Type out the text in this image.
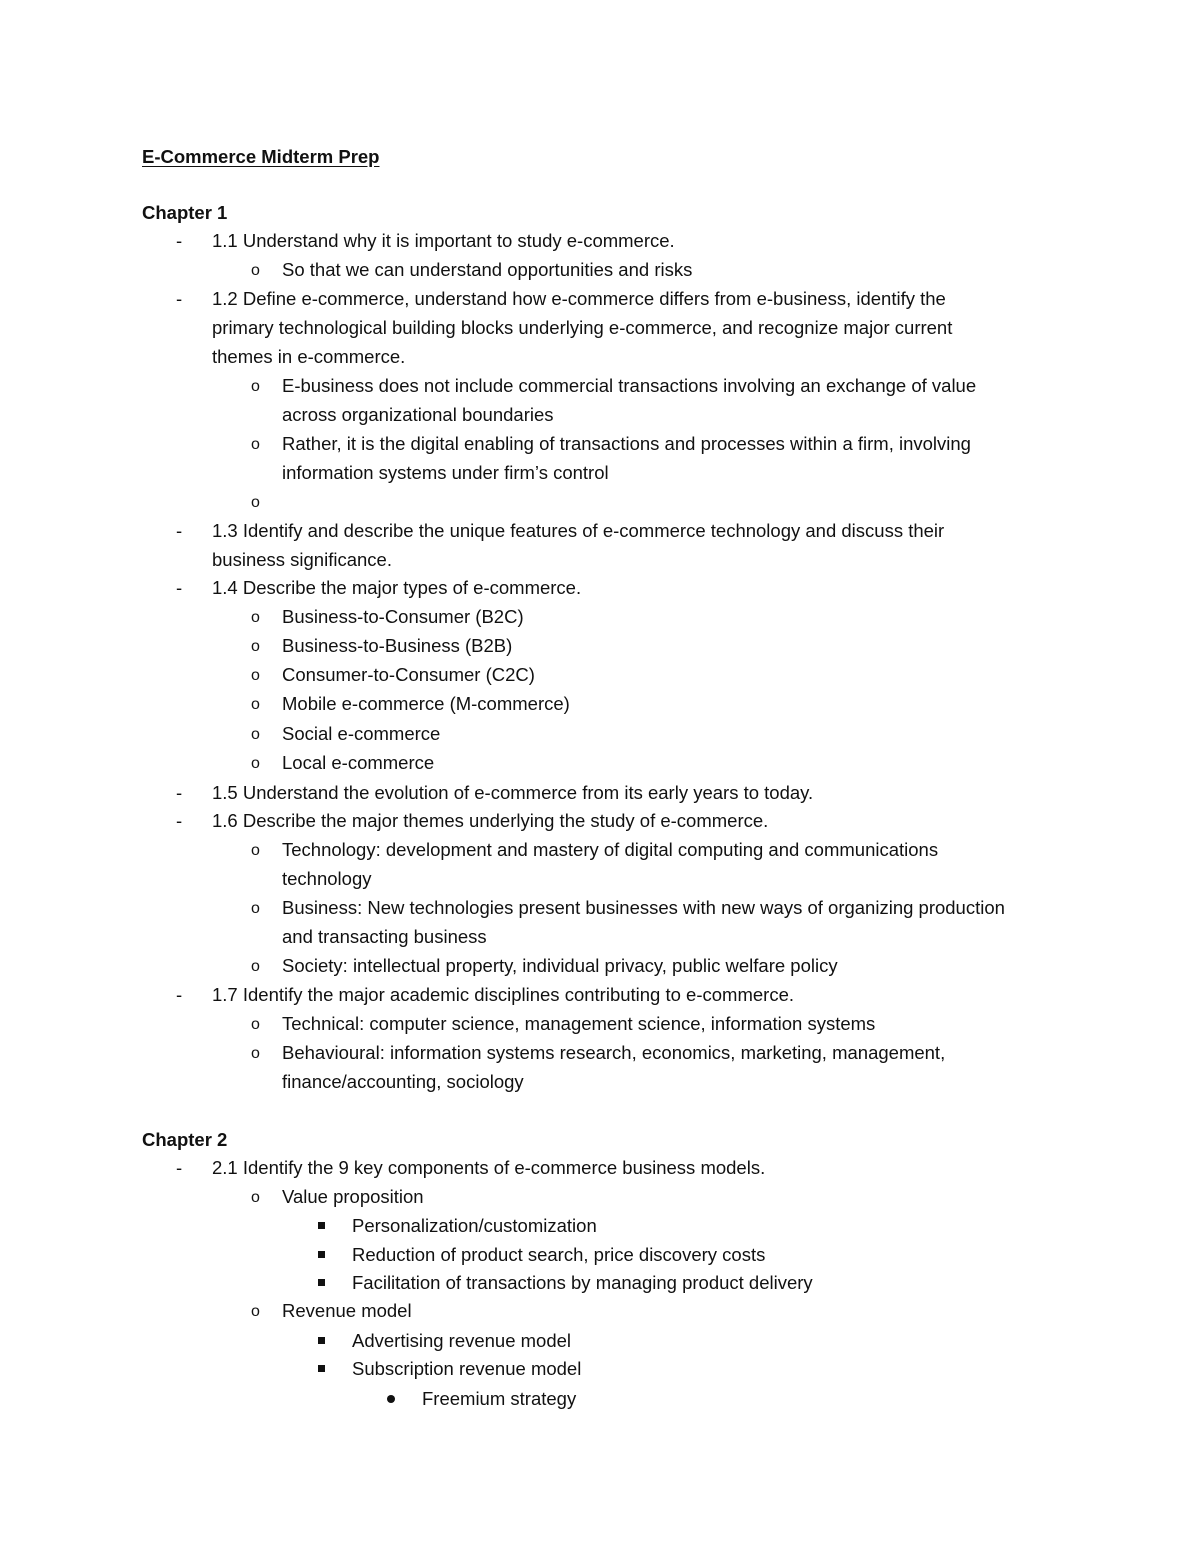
E-Commerce Midterm Prep
Chapter 1
-	1.1 Understand why it is important to study e-commerce.
o So that we can understand opportunities and risks
-	1.2 Define e-commerce, understand how e-commerce differs from e-business, identify the
primary technological building blocks underlying e-commerce, and recognize major current
themes in e-commerce.
o E-business does not include commercial transactions involving an exchange of value
across organizational boundaries
o Rather, it is the digital enabling of transactions and processes within a firm, involving
information systems under firm’s control
o
-	1.3 Identify and describe the unique features of e-commerce technology and discuss their
business significance.
-	1.4 Describe the major types of e-commerce.
o Business-to-Consumer (B2C)
o Business-to-Business (B2B)
o Consumer-to-Consumer (C2C)
o Mobile e-commerce (M-commerce)
o Social e-commerce
o Local e-commerce
-	1.5 Understand the evolution of e-commerce from its early years to today.
-	1.6 Describe the major themes underlying the study of e-commerce.
o Technology: development and mastery of digital computing and communications
technology
o Business: New technologies present businesses with new ways of organizing production
and transacting business
o Society: intellectual property, individual privacy, public welfare policy
-	1.7 Identify the major academic disciplines contributing to e-commerce.
o Technical: computer science, management science, information systems
o Behavioural: information systems research, economics, marketing, management,
finance/accounting, sociology
Chapter 2
-	2.1 Identify the 9 key components of e-commerce business models.
o Value proposition
Personalization/customization
Reduction of product search, price discovery costs
Facilitation of transactions by managing product delivery
o Revenue model
Advertising revenue model
Subscription revenue model
Freemium strategy
